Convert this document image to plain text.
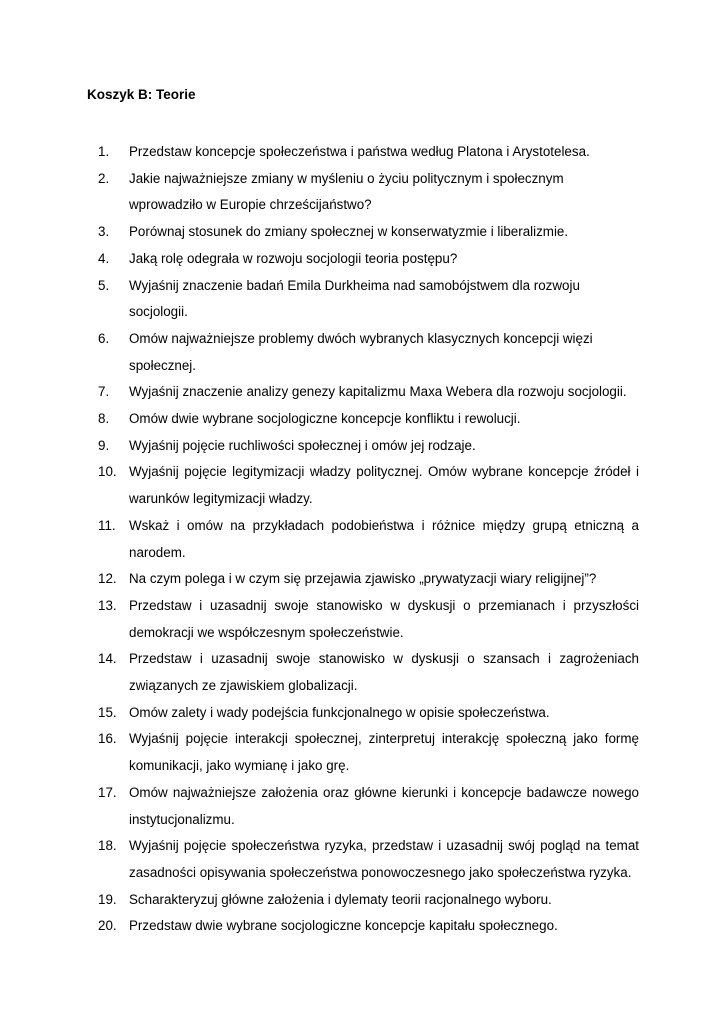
Koszyk B: Teorie
1.	Przedstaw koncepcje społeczeństwa i państwa według Platona i Arystotelesa.
2.	Jakie najważniejsze zmiany w myśleniu o życiu politycznym i społecznym wprowadziło w Europie chrześcijaństwo?
3.	Porównaj stosunek do zmiany społecznej w konserwatyzmie i liberalizmie.
4.	Jaką rolę odegrała w rozwoju socjologii teoria postępu?
5.	Wyjaśnij znaczenie badań Emila Durkheima nad samobójstwem dla rozwoju socjologii.
6.	Omów najważniejsze problemy dwóch wybranych klasycznych koncepcji więzi społecznej.
7.	Wyjaśnij znaczenie analizy genezy kapitalizmu Maxa Webera dla rozwoju socjologii.
8.	Omów dwie wybrane socjologiczne koncepcje konfliktu i rewolucji.
9.	Wyjaśnij pojęcie ruchliwości społecznej i omów jej rodzaje.
10. Wyjaśnij pojęcie legitymizacji władzy politycznej. Omów wybrane koncepcje źródeł i warunków legitymizacji władzy.
11. Wskaż i omów na przykładach podobieństwa i różnice między grupą etniczną a narodem.
12. Na czym polega i w czym się przejawia zjawisko „prywatyzacji wiary religijnej”?
13. Przedstaw i uzasadnij swoje stanowisko w dyskusji o przemianach i przyszłości demokracji we współczesnym społeczeństwie.
14. Przedstaw i uzasadnij swoje stanowisko w dyskusji o szansach i zagrożeniach związanych ze zjawiskiem globalizacji.
15. Omów zalety i wady podejścia funkcjonalnego w opisie społeczeństwa.
16. Wyjaśnij pojęcie interakcji społecznej, zinterpretuj interakcję społeczną jako formę komunikacji, jako wymianę i jako grę.
17. Omów najważniejsze założenia oraz główne kierunki i koncepcje badawcze nowego instytucjonalizmu.
18. Wyjaśnij pojęcie społeczeństwa ryzyka, przedstaw i uzasadnij swój pogląd na temat zasadności opisywania społeczeństwa ponowoczesnego jako społeczeństwa ryzyka.
19. Scharakteryzuj główne założenia i dylematy teorii racjonalnego wyboru.
20. Przedstaw dwie wybrane socjologiczne koncepcje kapitału społecznego.
